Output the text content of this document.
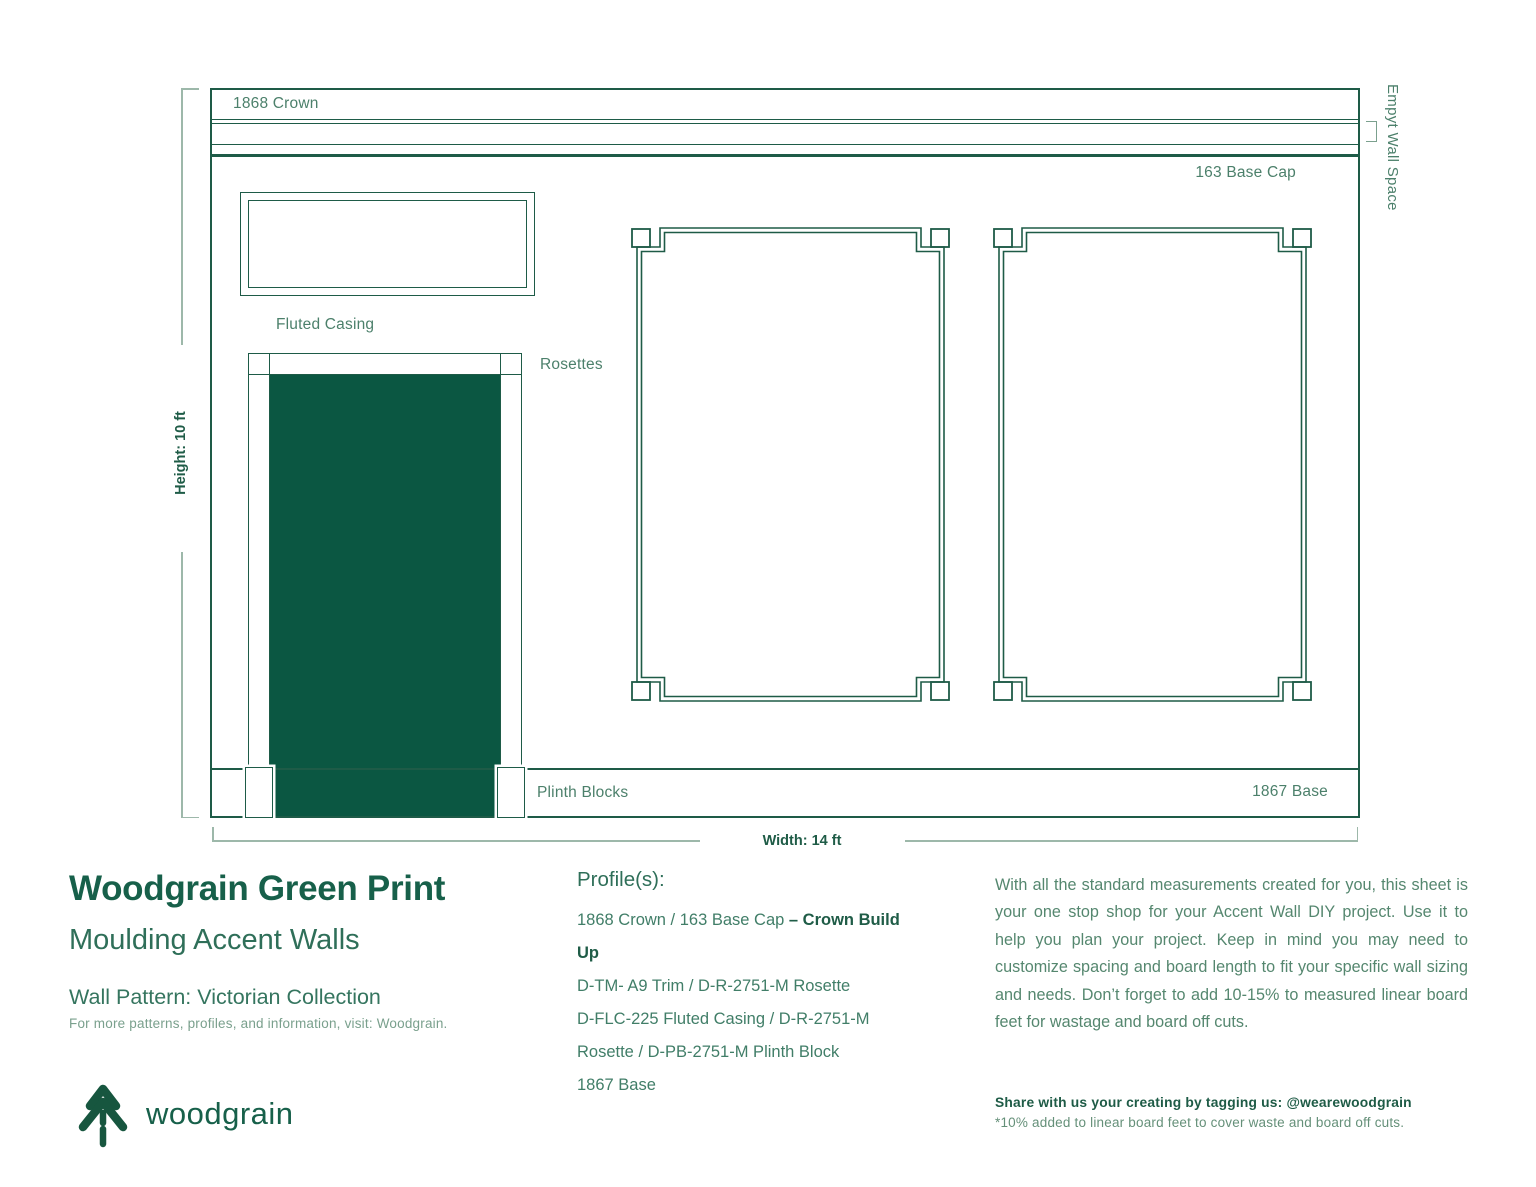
1868 Crown
163 Base Cap	Empyt Wall Space
Fluted Casing
Rosettes
Plinth Blocks	1867 Base
Height: 10 ft
Width: 14 ft
Woodgrain Green Print
Moulding Accent Walls
Wall Pattern: Victorian Collection
For more patterns, profiles, and information, visit: Woodgrain.
woodgrain
Profile(s):
1868 Crown / 163 Base Cap – Crown Build
Up
D-TM- A9 Trim / D-R-2751-M Rosette
D-FLC-225 Fluted Casing / D-R-2751-M
Rosette / D-PB-2751-M Plinth Block
1867 Base
With all the standard measurements created for you, this sheet is your one stop shop for your Accent Wall DIY project. Use it to help you plan your project. Keep in mind you may need to customize spacing and board length to fit your specific wall sizing and needs. Don’t forget to add 10-15% to measured linear board feet for wastage and board off cuts.
Share with us your creating by tagging us: @wearewoodgrain
*10% added to linear board feet to cover waste and board off cuts.
